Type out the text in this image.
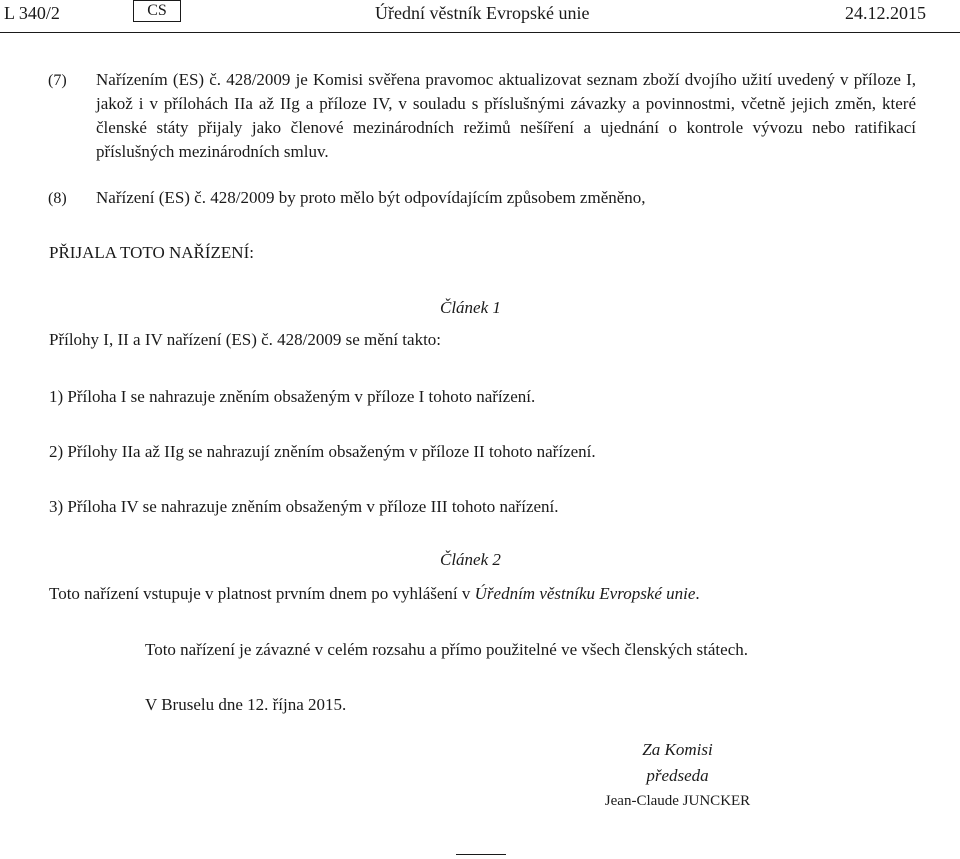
L 340/2	CS	Úřední věstník Evropské unie	24.12.2015
(7) Nařízením (ES) č. 428/2009 je Komisi svěřena pravomoc aktualizovat seznam zboží dvojího užití uvedený v příloze I, jakož i v přílohách IIa až IIg a příloze IV, v souladu s příslušnými závazky a povinnostmi, včetně jejich změn, které členské státy přijaly jako členové mezinárodních režimů nešíření a ujednání o kontrole vývozu nebo ratifikací příslušných mezinárodních smluv.
(8) Nařízení (ES) č. 428/2009 by proto mělo být odpovídajícím způsobem změněno,
PŘIJALA TOTO NAŘÍZENÍ:
Článek 1
Přílohy I, II a IV nařízení (ES) č. 428/2009 se mění takto:
1) Příloha I se nahrazuje zněním obsaženým v příloze I tohoto nařízení.
2) Přílohy IIa až IIg se nahrazují zněním obsaženým v příloze II tohoto nařízení.
3) Příloha IV se nahrazuje zněním obsaženým v příloze III tohoto nařízení.
Článek 2
Toto nařízení vstupuje v platnost prvním dnem po vyhlášení v Úředním věstníku Evropské unie.
Toto nařízení je závazné v celém rozsahu a přímo použitelné ve všech členských státech.
V Bruselu dne 12. října 2015.
Za Komisi
předseda
Jean-Claude JUNCKER
